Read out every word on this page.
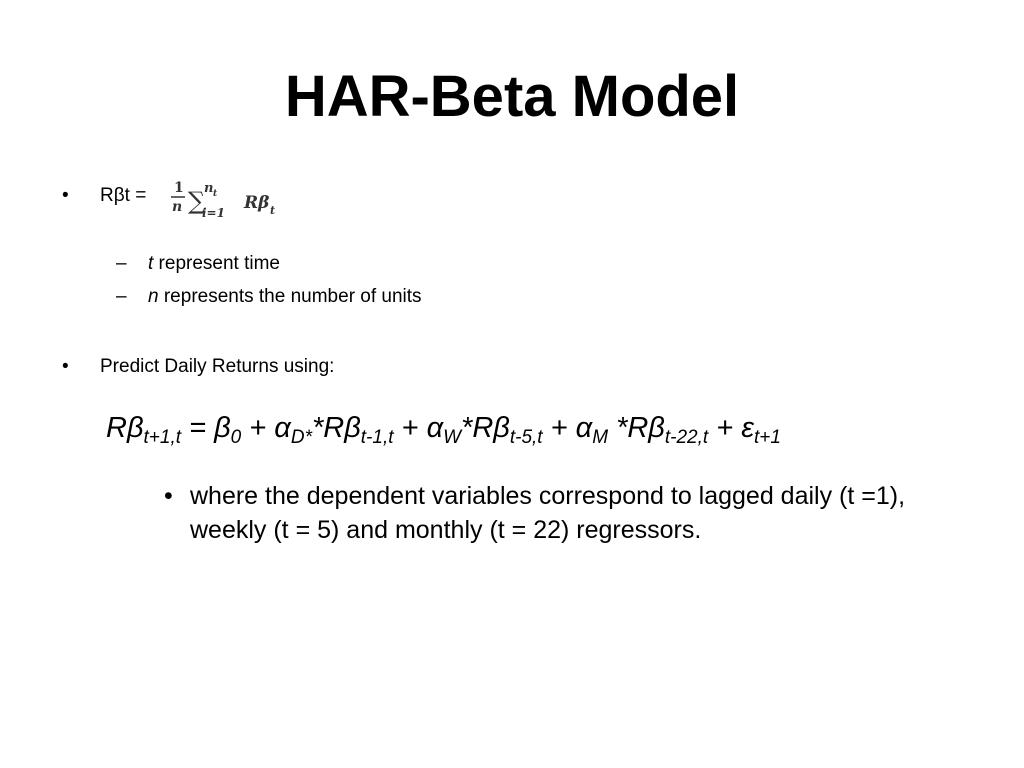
HAR-Beta Model
• Rβt = 1
n ∑
n t
i=1 Rβ t
– t represent time
– n represents the number of units
• Predict Daily Returns using:
$R\beta_{t+1,t} = \beta_0 + \alpha_{D*}*R\beta_{t-1,t} + \alpha_W*R\beta_{t-5,t} + \alpha_M$ $*R\beta_{t-22,t} + \varepsilon_{t+1}$
• where the dependent variables correspond to lagged daily (t =1), weekly (t = 5) and monthly (t = 22) regressors.
